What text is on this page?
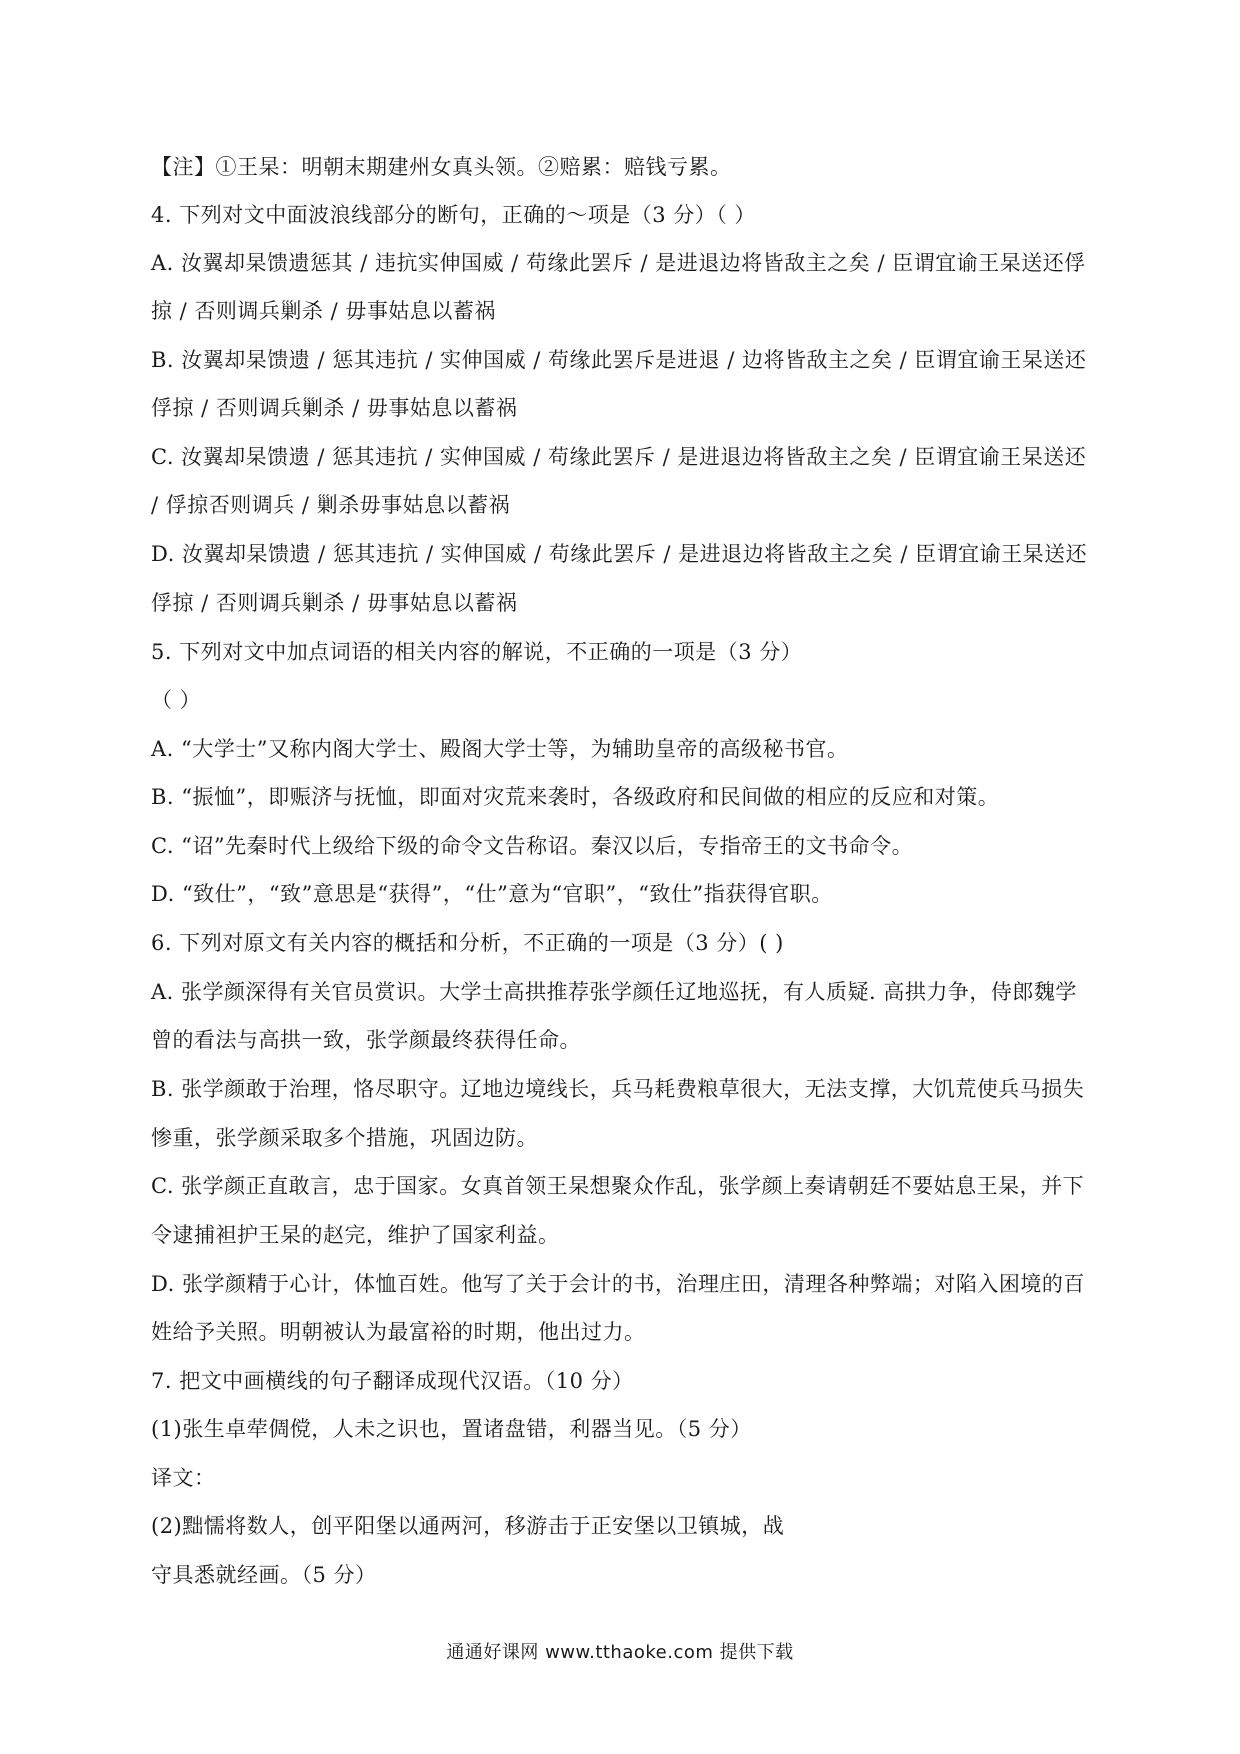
【注】①王杲：明朝末期建州女真头领。②赔累：赔钱亏累。
4. 下列对文中面波浪线部分的断句，正确的～项是（3 分）（ ）
A. 汝翼却杲馈遗惩其 / 违抗实伸国威 / 苟缘此罢斥 / 是进退边将皆敌主之矣 / 臣谓宜谕王杲送还俘
掠 / 否则调兵剿杀 / 毋事姑息以蓄祸
B. 汝翼却杲馈遗 / 惩其违抗 / 实伸国威 / 苟缘此罢斥是进退 / 边将皆敌主之矣 / 臣谓宜谕王杲送还
俘掠 / 否则调兵剿杀 / 毋事姑息以蓄祸
C. 汝翼却杲馈遗 / 惩其违抗 / 实伸国威 / 苟缘此罢斥 / 是进退边将皆敌主之矣 / 臣谓宜谕王杲送还
/ 俘掠否则调兵 / 剿杀毋事姑息以蓄祸
D. 汝翼却杲馈遗 / 惩其违抗 / 实伸国威 / 苟缘此罢斥 / 是进退边将皆敌主之矣 / 臣谓宜谕王杲送还
俘掠 / 否则调兵剿杀 / 毋事姑息以蓄祸
5. 下列对文中加点词语的相关内容的解说，不正确的一项是（3 分）
（ ）
A. “大学士”又称内阁大学士、殿阁大学士等，为辅助皇帝的高级秘书官。
B. “振恤”，即赈济与抚恤，即面对灾荒来袭时，各级政府和民间做的相应的反应和对策。
C. “诏”先秦时代上级给下级的命令文告称诏。秦汉以后，专指帝王的文书命令。
D. “致仕”，“致”意思是“获得”，“仕”意为“官职”，“致仕”指获得官职。
6. 下列对原文有关内容的概括和分析，不正确的一项是（3 分）( )
A. 张学颜深得有关官员赏识。大学士高拱推荐张学颜任辽地巡抚，有人质疑. 高拱力争，侍郎魏学
曾的看法与高拱一致，张学颜最终获得任命。
B. 张学颜敢于治理，恪尽职守。辽地边境线长，兵马耗费粮草很大，无法支撑，大饥荒使兵马损失
惨重，张学颜采取多个措施，巩固边防。
C. 张学颜正直敢言，忠于国家。女真首领王杲想聚众作乱，张学颜上奏请朝廷不要姑息王杲，并下
令逮捕袒护王杲的赵完，维护了国家利益。
D. 张学颜精于心计，体恤百姓。他写了关于会计的书，治理庄田，清理各种弊端；对陷入困境的百
姓给予关照。明朝被认为最富裕的时期，他出过力。
7. 把文中画横线的句子翻译成现代汉语。（10 分）
(1)张生卓荦倜傥，人未之识也，置诸盘错，利器当见。（5 分）
译文：
(2)黜懦将数人，创平阳堡以通两河，移游击于正安堡以卫镇城，战
守具悉就经画。（5 分）
通通好课网 www.tthaoke.com 提供下载
